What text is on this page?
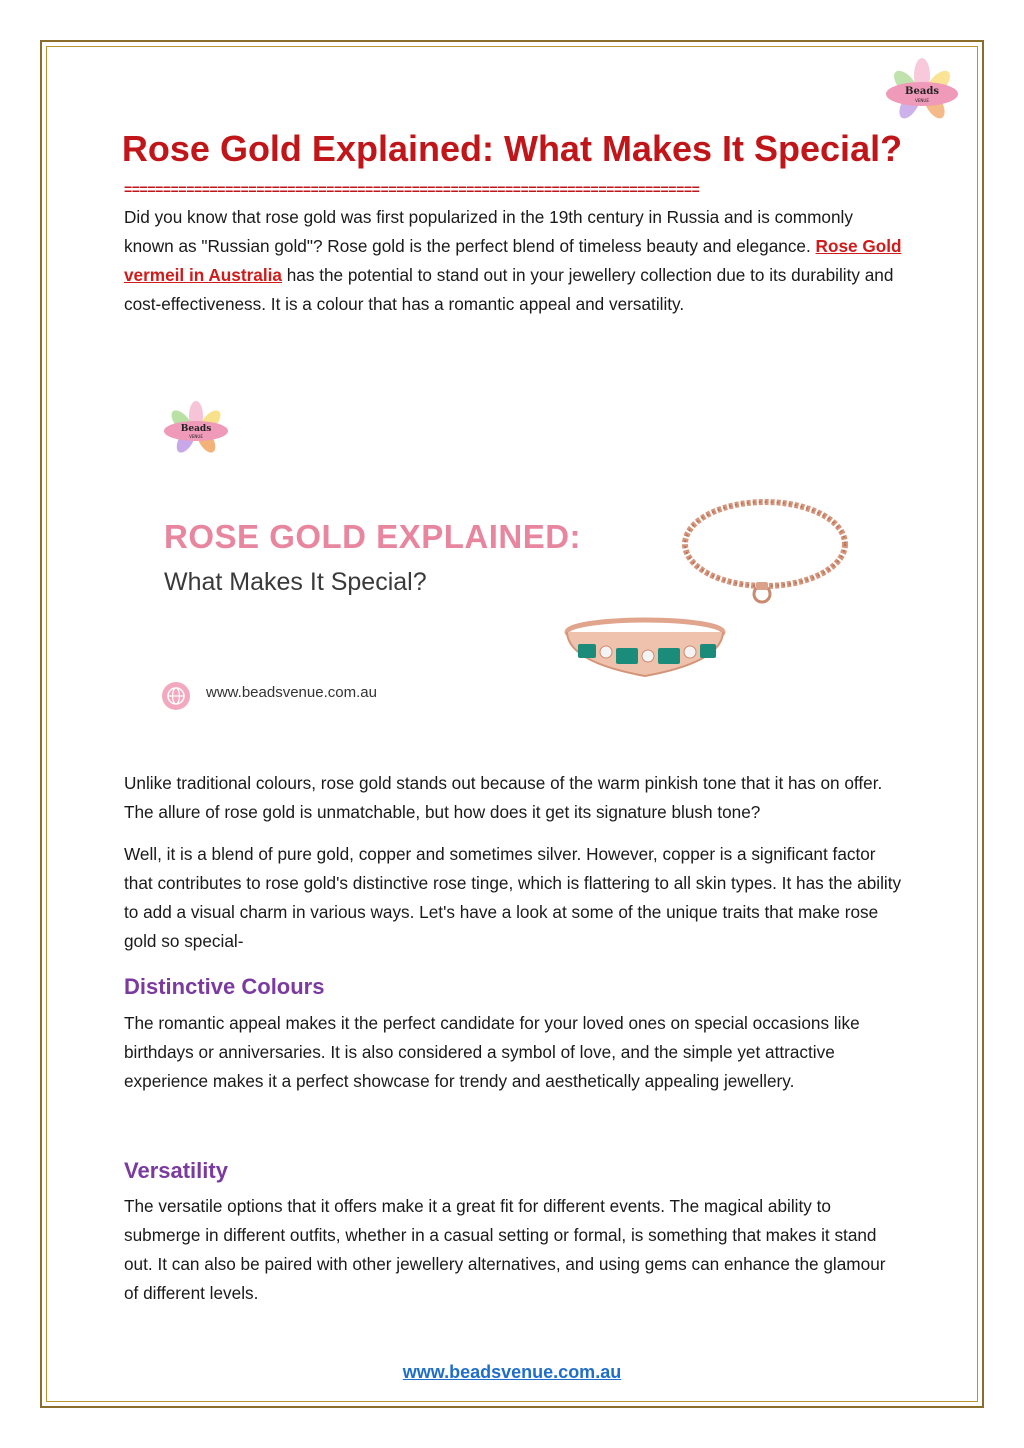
Beads
VENUE
Rose Gold Explained: What Makes It Special?
==========================================================================

Did you know that rose gold was first popularized in the 19th century in Russia and is commonly known as "Russian gold"? Rose gold is the perfect blend of timeless beauty and elegance. Rose Gold vermeil in Australia has the potential to stand out in your jewellery collection due to its durability and cost-effectiveness. It is a colour that has a romantic appeal and versatility.

Beads
VENUE
ROSE GOLD EXPLAINED:
What Makes It Special?
www.beadsvenue.com.au

Unlike traditional colours, rose gold stands out because of the warm pinkish tone that it has on offer. The allure of rose gold is unmatchable, but how does it get its signature blush tone?

Well, it is a blend of pure gold, copper and sometimes silver. However, copper is a significant factor that contributes to rose gold's distinctive rose tinge, which is flattering to all skin types. It has the ability to add a visual charm in various ways. Let's have a look at some of the unique traits that make rose gold so special-

Distinctive Colours

The romantic appeal makes it the perfect candidate for your loved ones on special occasions like birthdays or anniversaries. It is also considered a symbol of love, and the simple yet attractive experience makes it a perfect showcase for trendy and aesthetically appealing jewellery.

Versatility

The versatile options that it offers make it a great fit for different events. The magical ability to submerge in different outfits, whether in a casual setting or formal, is something that makes it stand out. It can also be paired with other jewellery alternatives, and using gems can enhance the glamour of different levels.

www.beadsvenue.com.au
